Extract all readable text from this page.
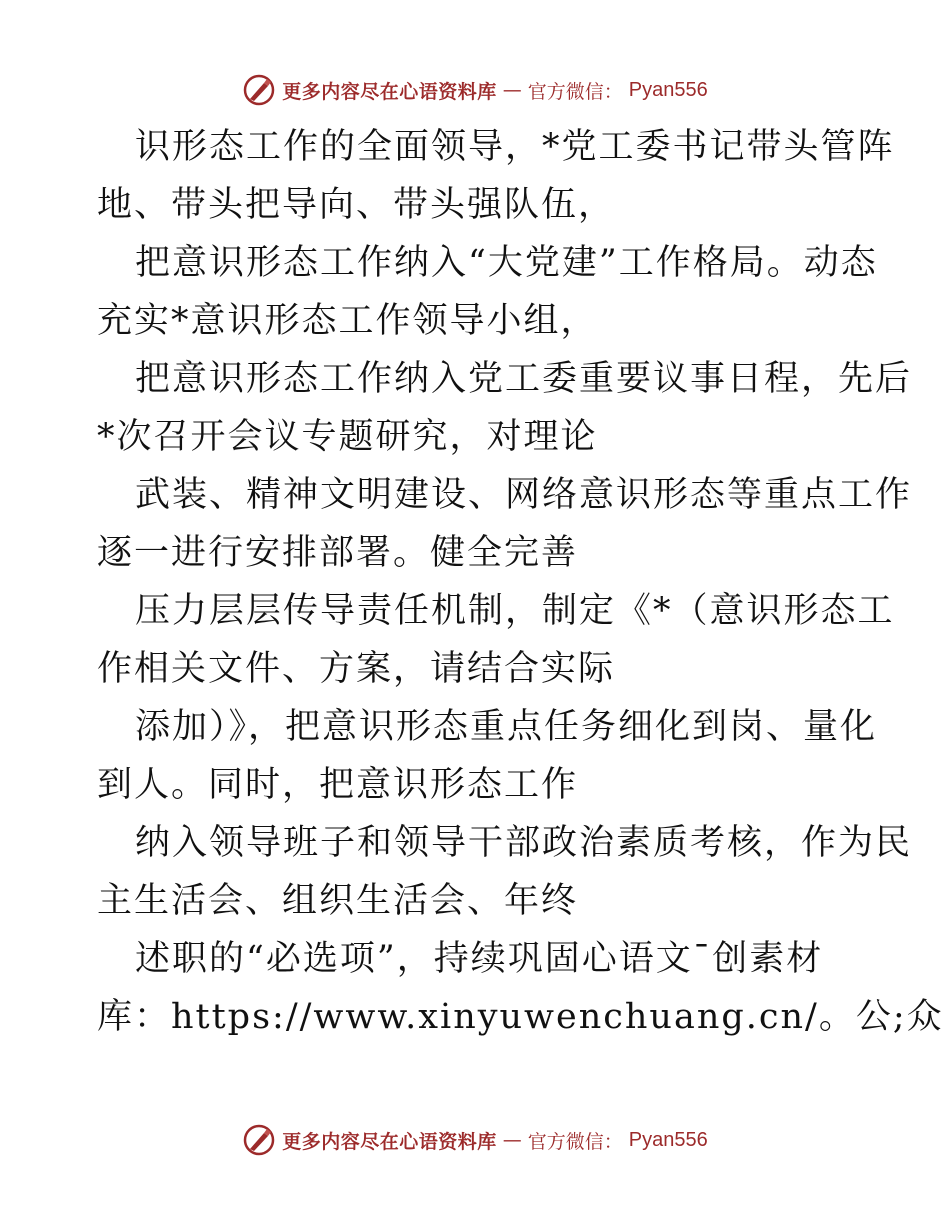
更多内容尽在心语资料库 — 官方微信： Pyan556
识形态工作的全面领导，*党工委书记带头管阵
地、带头把导向、带头强队伍，
把意识形态工作纳入“大党建”工作格局。动态
充实*意识形态工作领导小组，
把意识形态工作纳入党工委重要议事日程，先后
*次召开会议专题研究，对理论
武装、精神文明建设、网络意识形态等重点工作
逐一进行安排部署。健全完善
压力层层传导责任机制，制定《*（意识形态工
作相关文件、方案，请结合实际
添加）》，把意识形态重点任务细化到岗、量化
到人。同时，把意识形态工作
纳入领导班子和领导干部政治素质考核，作为民
主生活会、组织生活会、年终
述职的“必选项”，持续巩固心语文¯创素材
库：https://www.xinyuwenchuang.cn/。公;众
更多内容尽在心语资料库 — 官方微信： Pyan556
